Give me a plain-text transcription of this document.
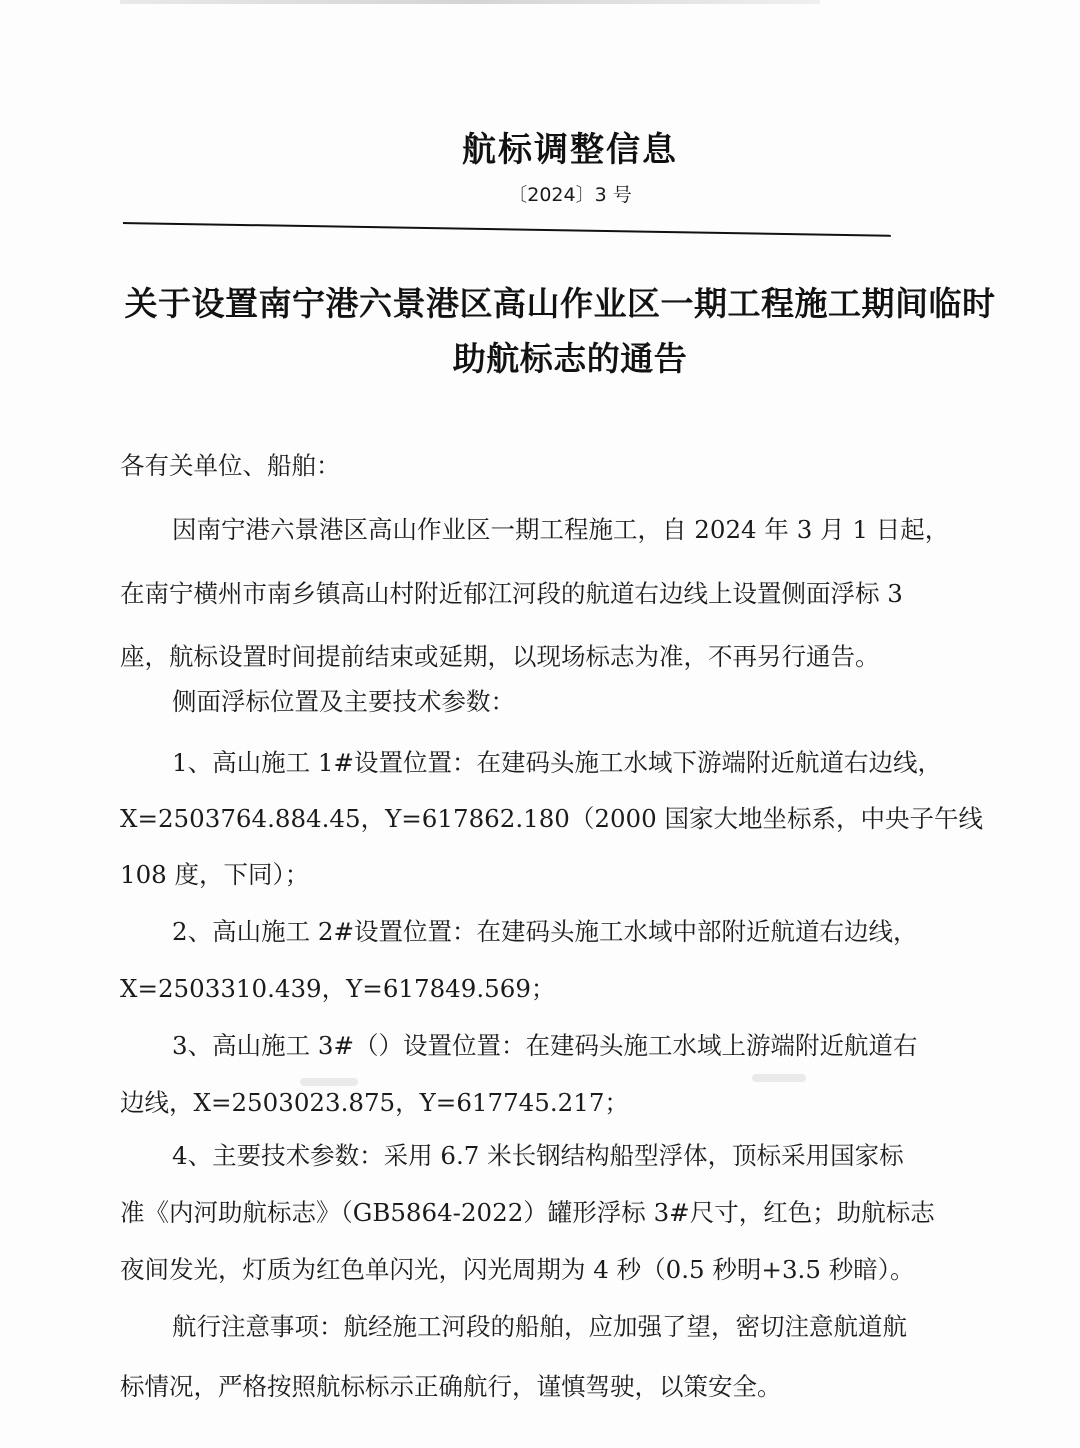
航标调整信息
〔2024〕3 号
关于设置南宁港六景港区高山作业区一期工程施工期间临时
助航标志的通告
各有关单位、船舶：
因南宁港六景港区高山作业区一期工程施工，自 2024 年 3 月 1 日起，
在南宁横州市南乡镇高山村附近郁江河段的航道右边线上设置侧面浮标 3
座，航标设置时间提前结束或延期，以现场标志为准，不再另行通告。
侧面浮标位置及主要技术参数：
1、高山施工 1#设置位置：在建码头施工水域下游端附近航道右边线，
X=2503764.884.45，Y=617862.180（2000 国家大地坐标系，中央子午线
108 度，下同）；
2、高山施工 2#设置位置：在建码头施工水域中部附近航道右边线，
X=2503310.439，Y=617849.569；
3、高山施工 3#（）设置位置：在建码头施工水域上游端附近航道右
边线，X=2503023.875，Y=617745.217；
4、主要技术参数：采用 6.7 米长钢结构船型浮体，顶标采用国家标
准《内河助航标志》（GB5864-2022）罐形浮标 3#尺寸，红色；助航标志
夜间发光，灯质为红色单闪光，闪光周期为 4 秒（0.5 秒明+3.5 秒暗）。
航行注意事项：航经施工河段的船舶，应加强了望，密切注意航道航
标情况，严格按照航标标示正确航行，谨慎驾驶，以策安全。
